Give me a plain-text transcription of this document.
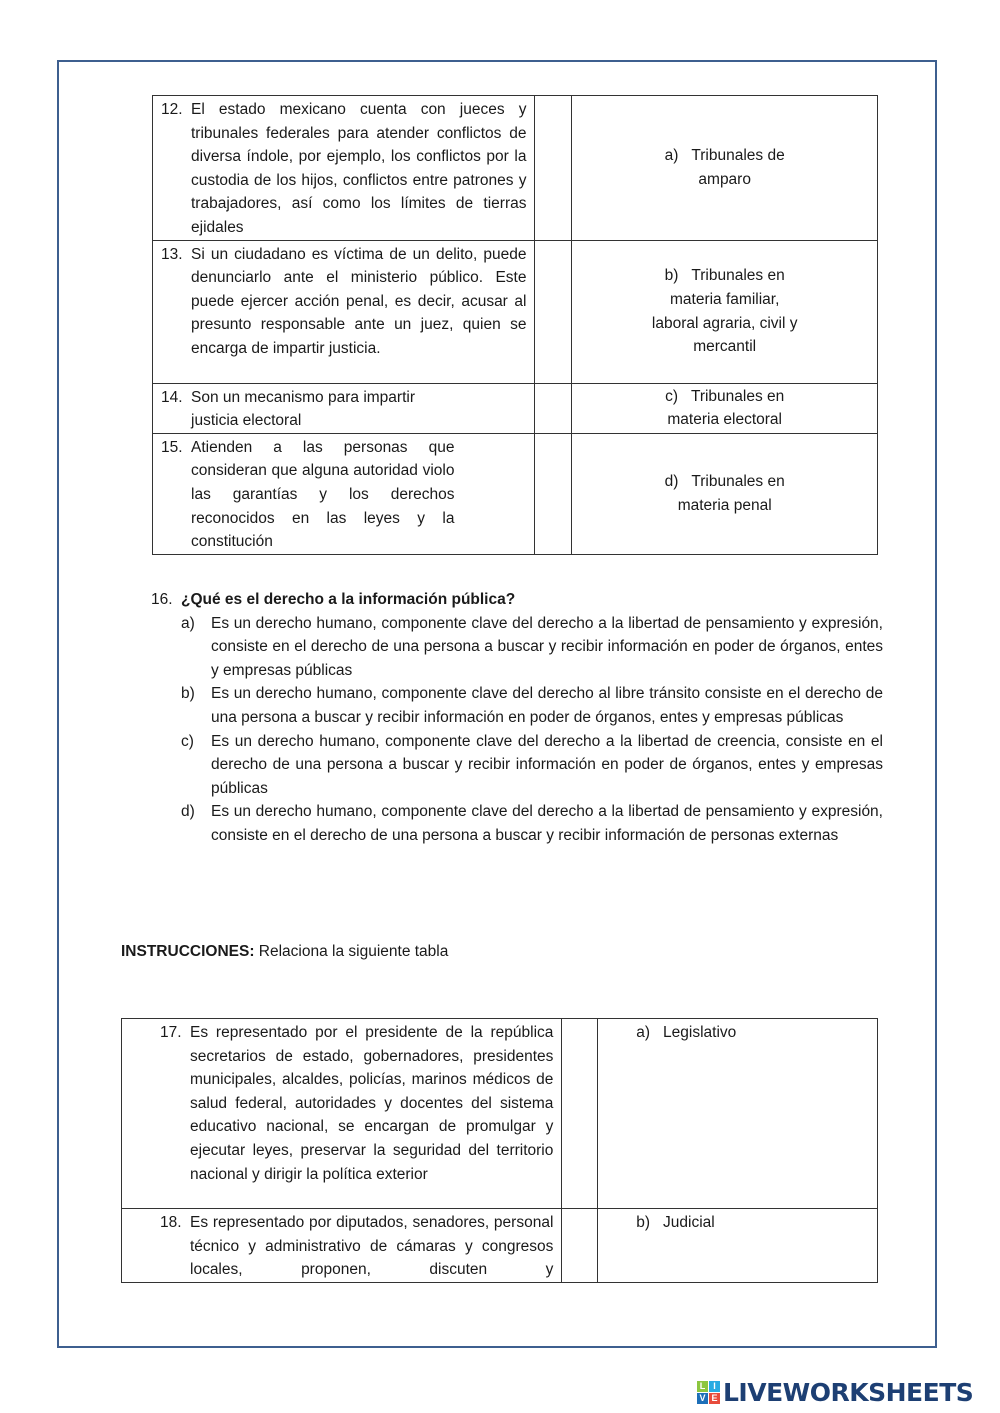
12. El estado mexicano cuenta con jueces y tribunales federales para atender conflictos de diversa índole, por ejemplo, los conflictos por la custodia de los hijos, conflictos entre patrones y trabajadores, así como los límites de tierras ejidales		a) Tribunales de amparo

13. Si un ciudadano es víctima de un delito, puede denunciarlo ante el ministerio público. Este puede ejercer acción penal, es decir, acusar al presunto responsable ante un juez, quien se encarga de impartir justicia.		b) Tribunales en materia familiar, laboral agraria, civil y mercantil

14. Son un mecanismo para impartir justicia electoral		c) Tribunales en materia electoral

15. Atienden a las personas que consideran que alguna autoridad violo las garantías y los derechos reconocidos en las leyes y la constitución		d) Tribunales en materia penal
16. ¿Qué es el derecho a la información pública?
a)	Es un derecho humano, componente clave del derecho a la libertad de pensamiento y expresión, consiste en el derecho de una persona a buscar y recibir información en poder de órganos, entes y empresas públicas
b)	Es un derecho humano, componente clave del derecho al libre tránsito consiste en el derecho de una persona a buscar y recibir información en poder de órganos, entes y empresas públicas
c)	Es un derecho humano, componente clave del derecho a la libertad de creencia, consiste en el derecho de una persona a buscar y recibir información en poder de órganos, entes y empresas públicas
d)	Es un derecho humano, componente clave del derecho a la libertad de pensamiento y expresión, consiste en el derecho de una persona a buscar y recibir información de personas externas
INSTRUCCIONES: Relaciona la siguiente tabla
17. Es representado por el presidente de la república secretarios de estado, gobernadores, presidentes municipales, alcaldes, policías, marinos médicos de salud federal, autoridades y docentes del sistema educativo nacional, se encargan de promulgar y ejecutar leyes, preservar la seguridad del territorio nacional y dirigir la política exterior		a) Legislativo

18. Es representado por diputados, senadores, personal técnico y administrativo de cámaras y congresos locales, proponen, discuten y		b) Judicial
L I
V E LIVEWORKSHEETS
